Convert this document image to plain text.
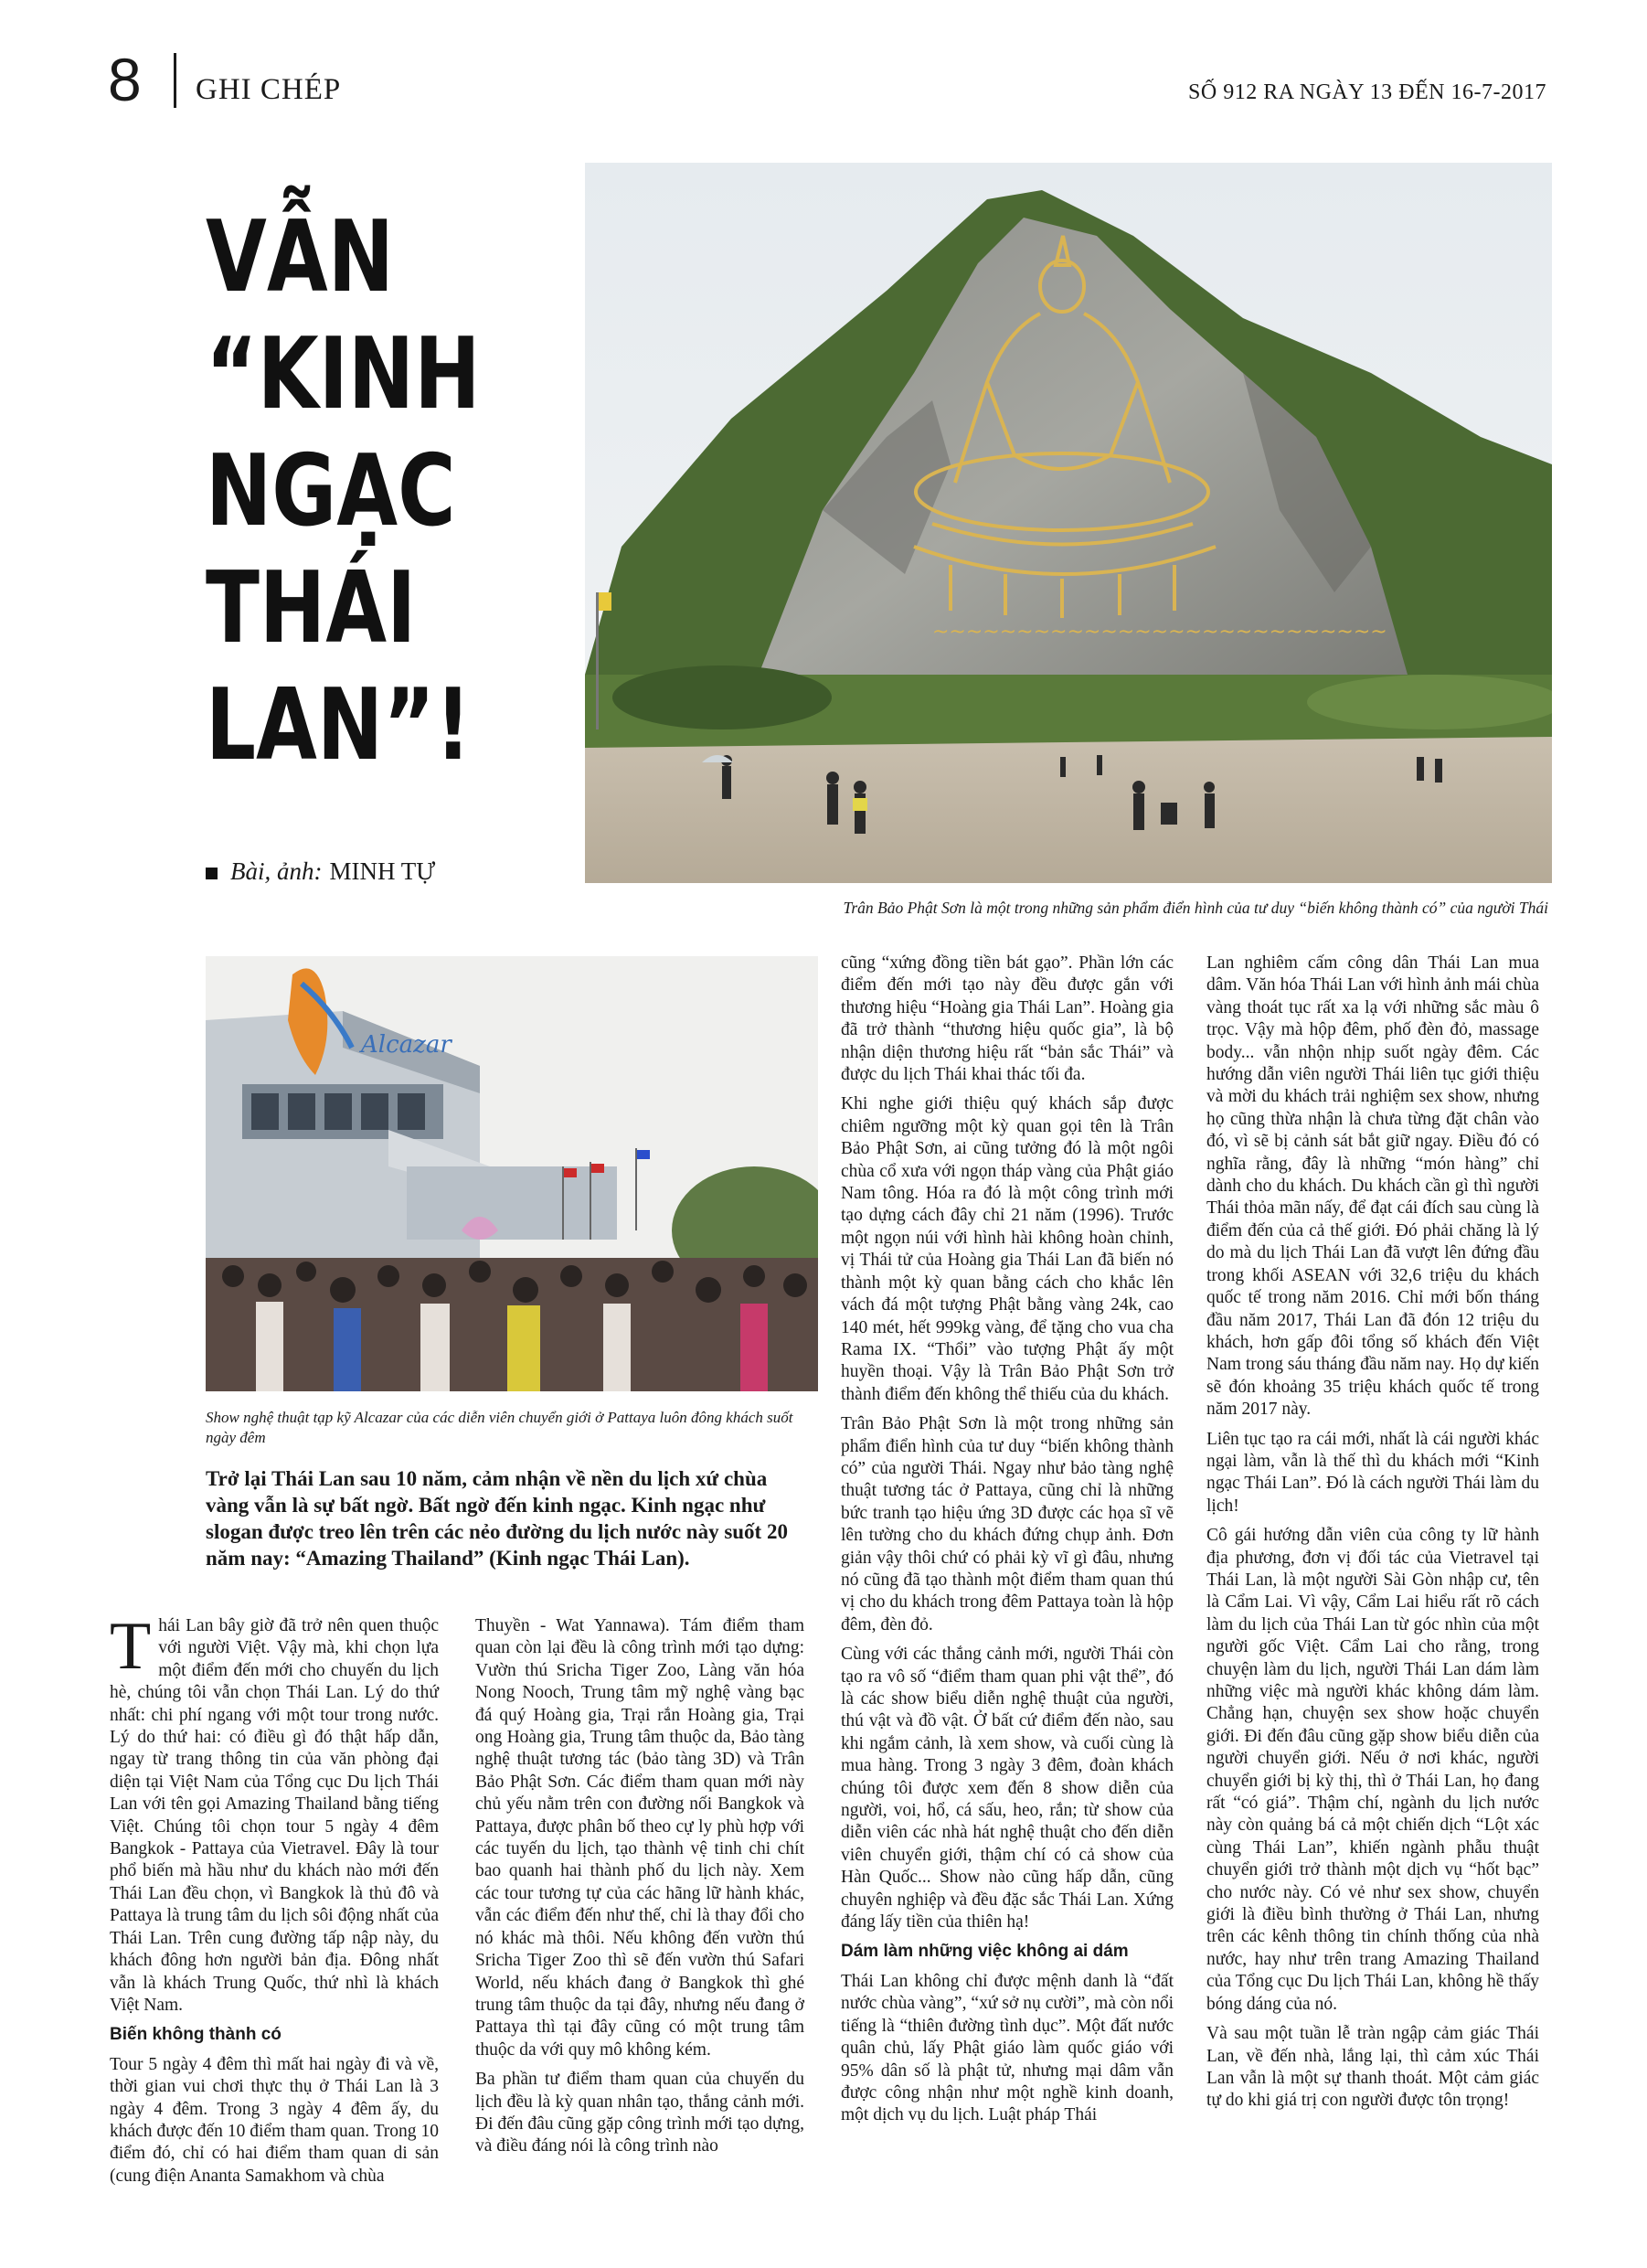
8 GHI CHÉP	SỐ 912 RA NGÀY 13 ĐẾN 16-7-2017
VẪN
“KINH
NGẠC
THÁI
LAN”!
Bài, ảnh: MINH TỰ
~~~~~~~~~~~~~~~~~~~~~~~~~~~
Trân Bảo Phật Sơn là một trong những sản phẩm điển hình của tư duy “biến không thành có” của người Thái
Alcazar
Show nghệ thuật tạp kỹ Alcazar của các diễn viên chuyển giới ở Pattaya luôn đông khách suốt ngày đêm
Trở lại Thái Lan sau 10 năm, cảm nhận về nền du lịch xứ chùa vàng vẫn là sự bất ngờ. Bất ngờ đến kinh ngạc. Kinh ngạc như slogan được treo lên trên các nẻo đường du lịch nước này suốt 20 năm nay: “Amazing Thailand” (Kinh ngạc Thái Lan).

Thái Lan bây giờ đã trở nên quen thuộc với người Việt. Vậy mà, khi chọn lựa một điểm đến mới cho chuyến du lịch hè, chúng tôi vẫn chọn Thái Lan. Lý do thứ nhất: chi phí ngang với một tour trong nước. Lý do thứ hai: có điều gì đó thật hấp dẫn, ngay từ trang thông tin của văn phòng đại diện tại Việt Nam của Tổng cục Du lịch Thái Lan với tên gọi Amazing Thailand bằng tiếng Việt. Chúng tôi chọn tour 5 ngày 4 đêm Bangkok - Pattaya của Vietravel. Đây là tour phổ biến mà hầu như du khách nào mới đến Thái Lan đều chọn, vì Bangkok là thủ đô và Pattaya là trung tâm du lịch sôi động nhất của Thái Lan. Trên cung đường tấp nập này, du khách đông hơn người bản địa. Đông nhất vẫn là khách Trung Quốc, thứ nhì là khách Việt Nam.

Biến không thành có

Tour 5 ngày 4 đêm thì mất hai ngày đi và về, thời gian vui chơi thực thụ ở Thái Lan là 3 ngày 4 đêm. Trong 3 ngày 4 đêm ấy, du khách được đến 10 điểm tham quan. Trong 10 điểm đó, chỉ có hai điểm tham quan di sản (cung điện Ananta Samakhom và chùa

Thuyền - Wat Yannawa). Tám điểm tham quan còn lại đều là công trình mới tạo dựng: Vườn thú Sricha Tiger Zoo, Làng văn hóa Nong Nooch, Trung tâm mỹ nghệ vàng bạc đá quý Hoàng gia, Trại rắn Hoàng gia, Trại ong Hoàng gia, Trung tâm thuộc da, Bảo tàng nghệ thuật tương tác (bảo tàng 3D) và Trân Bảo Phật Sơn. Các điểm tham quan mới này chủ yếu nằm trên con đường nối Bangkok và Pattaya, được phân bố theo cự ly phù hợp với các tuyến du lịch, tạo thành vệ tinh chi chít bao quanh hai thành phố du lịch này. Xem các tour tương tự của các hãng lữ hành khác, vẫn các điểm đến như thế, chỉ là thay đổi cho nó khác mà thôi. Nếu không đến vườn thú Sricha Tiger Zoo thì sẽ đến vườn thú Safari World, nếu khách đang ở Bangkok thì ghé trung tâm thuộc da tại đây, nhưng nếu đang ở Pattaya thì tại đây cũng có một trung tâm thuộc da với quy mô không kém.

Ba phần tư điểm tham quan của chuyến du lịch đều là kỳ quan nhân tạo, thắng cảnh mới. Đi đến đâu cũng gặp công trình mới tạo dựng, và điều đáng nói là công trình nào

cũng “xứng đồng tiền bát gạo”. Phần lớn các điểm đến mới tạo này đều được gắn với thương hiệu “Hoàng gia Thái Lan”. Hoàng gia đã trở thành “thương hiệu quốc gia”, là bộ nhận diện thương hiệu rất “bản sắc Thái” và được du lịch Thái khai thác tối đa.

Khi nghe giới thiệu quý khách sắp được chiêm ngưỡng một kỳ quan gọi tên là Trân Bảo Phật Sơn, ai cũng tưởng đó là một ngôi chùa cổ xưa với ngọn tháp vàng của Phật giáo Nam tông. Hóa ra đó là một công trình mới tạo dựng cách đây chỉ 21 năm (1996). Trước một ngọn núi với hình hài không hoàn chỉnh, vị Thái tử của Hoàng gia Thái Lan đã biến nó thành một kỳ quan bằng cách cho khắc lên vách đá một tượng Phật bằng vàng 24k, cao 140 mét, hết 999kg vàng, để tặng cho vua cha Rama IX. “Thổi” vào tượng Phật ấy một huyền thoại. Vậy là Trân Bảo Phật Sơn trở thành điểm đến không thể thiếu của du khách.

Trân Bảo Phật Sơn là một trong những sản phẩm điển hình của tư duy “biến không thành có” của người Thái. Ngay như bảo tàng nghệ thuật tương tác ở Pattaya, cũng chỉ là những bức tranh tạo hiệu ứng 3D được các họa sĩ vẽ lên tường cho du khách đứng chụp ảnh. Đơn giản vậy thôi chứ có phải kỳ vĩ gì đâu, nhưng nó cũng đã tạo thành một điểm tham quan thú vị cho du khách trong đêm Pattaya toàn là hộp đêm, đèn đỏ.

Cùng với các thắng cảnh mới, người Thái còn tạo ra vô số “điểm tham quan phi vật thể”, đó là các show biểu diễn nghệ thuật của người, thú vật và đồ vật. Ở bất cứ điểm đến nào, sau khi ngắm cảnh, là xem show, và cuối cùng là mua hàng. Trong 3 ngày 3 đêm, đoàn khách chúng tôi được xem đến 8 show diễn của người, voi, hổ, cá sấu, heo, rắn; từ show của diễn viên các nhà hát nghệ thuật cho đến diễn viên chuyển giới, thậm chí có cả show của Hàn Quốc... Show nào cũng hấp dẫn, cũng chuyên nghiệp và đều đặc sắc Thái Lan. Xứng đáng lấy tiền của thiên hạ!

Dám làm những việc không ai dám

Thái Lan không chỉ được mệnh danh là “đất nước chùa vàng”, “xứ sở nụ cười”, mà còn nổi tiếng là “thiên đường tình dục”. Một đất nước quân chủ, lấy Phật giáo làm quốc giáo với 95% dân số là phật tử, nhưng mại dâm vẫn được công nhận như một nghề kinh doanh, một dịch vụ du lịch. Luật pháp Thái

Lan nghiêm cấm công dân Thái Lan mua dâm. Văn hóa Thái Lan với hình ảnh mái chùa vàng thoát tục rất xa lạ với những sắc màu ô trọc. Vậy mà hộp đêm, phố đèn đỏ, massage body... vẫn nhộn nhịp suốt ngày đêm. Các hướng dẫn viên người Thái liên tục giới thiệu và mời du khách trải nghiệm sex show, nhưng họ cũng thừa nhận là chưa từng đặt chân vào đó, vì sẽ bị cảnh sát bắt giữ ngay. Điều đó có nghĩa rằng, đây là những “món hàng” chỉ dành cho du khách. Du khách cần gì thì người Thái thỏa mãn nấy, để đạt cái đích sau cùng là điểm đến của cả thế giới. Đó phải chăng là lý do mà du lịch Thái Lan đã vượt lên đứng đầu trong khối ASEAN với 32,6 triệu du khách quốc tế trong năm 2016. Chỉ mới bốn tháng đầu năm 2017, Thái Lan đã đón 12 triệu du khách, hơn gấp đôi tổng số khách đến Việt Nam trong sáu tháng đầu năm nay. Họ dự kiến sẽ đón khoảng 35 triệu khách quốc tế trong năm 2017 này.

Liên tục tạo ra cái mới, nhất là cái người khác ngại làm, vẫn là thế thì du khách mới “Kinh ngạc Thái Lan”. Đó là cách người Thái làm du lịch!

Cô gái hướng dẫn viên của công ty lữ hành địa phương, đơn vị đối tác của Vietravel tại Thái Lan, là một người Sài Gòn nhập cư, tên là Cẩm Lai. Vì vậy, Cẩm Lai hiểu rất rõ cách làm du lịch của Thái Lan từ góc nhìn của một người gốc Việt. Cẩm Lai cho rằng, trong chuyện làm du lịch, người Thái Lan dám làm những việc mà người khác không dám làm. Chẳng hạn, chuyện sex show hoặc chuyển giới. Đi đến đâu cũng gặp show biểu diễn của người chuyển giới. Nếu ở nơi khác, người chuyển giới bị kỳ thị, thì ở Thái Lan, họ đang rất “có giá”. Thậm chí, ngành du lịch nước này còn quảng bá cả một chiến dịch “Lột xác cùng Thái Lan”, khiến ngành phẫu thuật chuyển giới trở thành một dịch vụ “hốt bạc” cho nước này. Có vẻ như sex show, chuyển giới là điều bình thường ở Thái Lan, nhưng trên các kênh thông tin chính thống của nhà nước, hay như trên trang Amazing Thailand của Tổng cục Du lịch Thái Lan, không hề thấy bóng dáng của nó.

Và sau một tuần lễ tràn ngập cảm giác Thái Lan, về đến nhà, lắng lại, thì cảm xúc Thái Lan vẫn là một sự thanh thoát. Một cảm giác tự do khi giá trị con người được tôn trọng!
